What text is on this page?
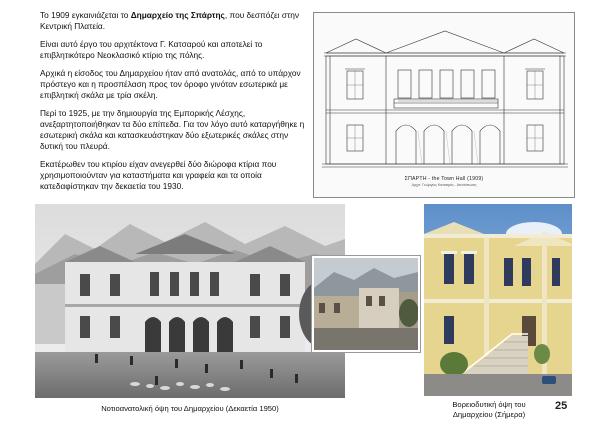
Το 1909 εγκαινιάζεται το Δημαρχείο της Σπάρτης, που δεσπόζει στην Κεντρική Πλατεία.

Είναι αυτό έργο του αρχιτέκτονα Γ. Κατσαρού και αποτελεί το επιβλητικότερο Νεοκλασικό κτίριο της πόλης.

Αρχικά η είσοδος του Δημαρχείου ήταν από ανατολάς, από το υπάρχον πρόστεγο και η προσπέλαση προς τον όροφο γινόταν εσωτερικά με επιβλητική σκάλα με τρία σκέλη.

Περί το 1925, με την δημιουργία της Εμπορικής Λέσχης, ανεξαρτητοποιήθηκαν τα δύο επίπεδα. Για τον λόγο αυτό καταργήθηκε η εσωτερική σκάλα και κατασκευάστηκαν δύο εξωτερικές σκάλες στην δυτική του πλευρά.

Εκατέρωθεν του κτιρίου είχαν ανεγερθεί δύο διώροφα κτίρια που χρησιμοποιούνταν για καταστήματα και γραφεία και τα οποία κατεδαφίστηκαν την δεκαετία του 1930.

ΣΠΑΡΤΗ - the Town Hall (1909)
Αρχιτ. Γεώργιος Κατσαρός - Αποτύπωση
Νοτιοανατολική όψη του Δημαρχείου (Δεκαετία 1950)	Βορειοδυτική όψη του
Δημαρχείου (Σήμερα)
25
